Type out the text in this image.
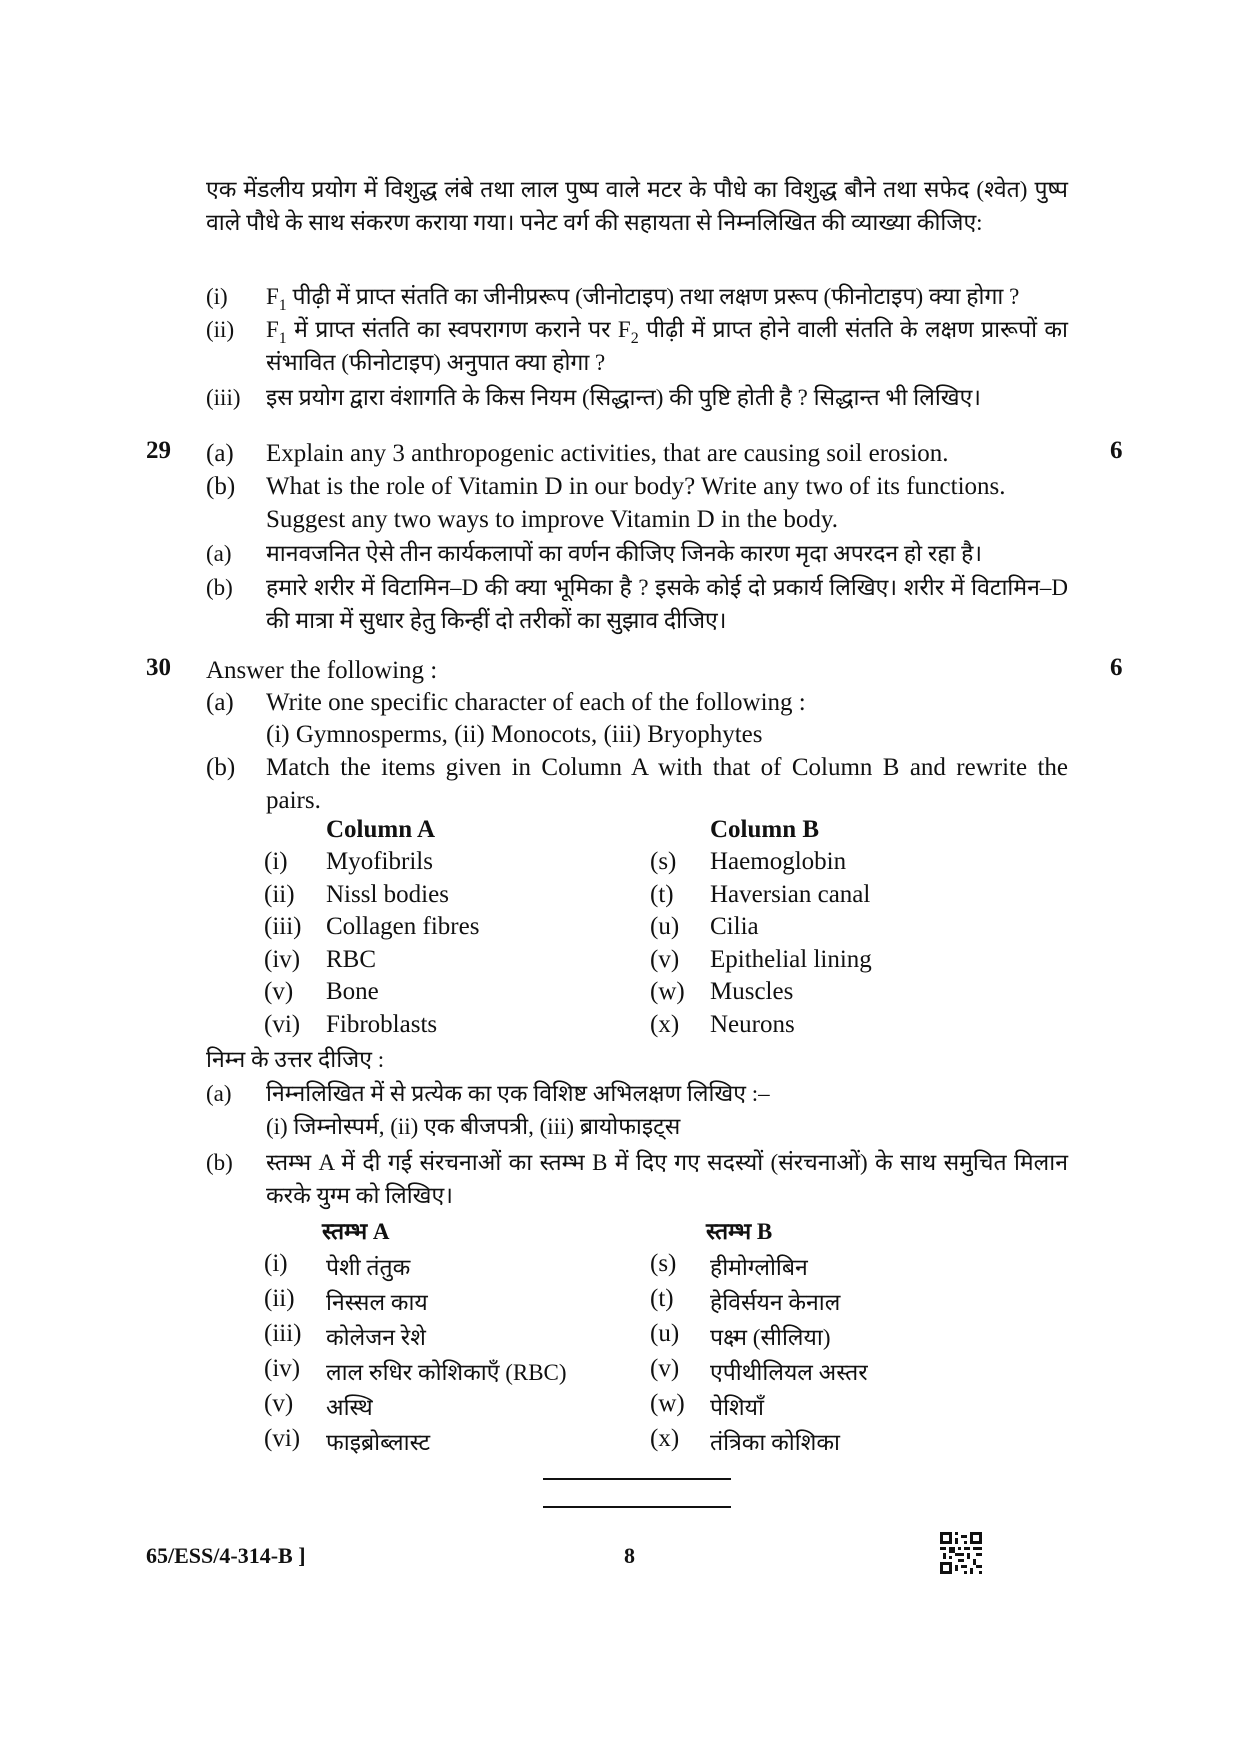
एक मेंडलीय प्रयोग में विशुद्ध लंबे तथा लाल पुष्प वाले मटर के पौधे का विशुद्ध बौने तथा सफेद (श्वेत) पुष्प वाले पौधे के साथ संकरण कराया गया। पनेट वर्ग की सहायता से निम्नलिखित की व्याख्या कीजिए:
(i) $F_1$ पीढ़ी में प्राप्त संतति का जीनीप्ररूप (जीनोटाइप) तथा लक्षण प्ररूप (फीनोटाइप) क्या होगा ?
(ii) $F_1$ में प्राप्त संतति का स्वपरागण कराने पर $F_2$ पीढ़ी में प्राप्त होने वाली संतति के लक्षण प्रारूपों का संभावित (फीनोटाइप) अनुपात क्या होगा ?
(iii) इस प्रयोग द्वारा वंशागति के किस नियम (सिद्धान्त) की पुष्टि होती है ? सिद्धान्त भी लिखिए।
29	6
(a) Explain any 3 anthropogenic activities, that are causing soil erosion.
(b) What is the role of Vitamin D in our body? Write any two of its functions. Suggest any two ways to improve Vitamin D in the body.
(a) मानवजनित ऐसे तीन कार्यकलापों का वर्णन कीजिए जिनके कारण मृदा अपरदन हो रहा है।
(b) हमारे शरीर में विटामिन–D की क्या भूमिका है ? इसके कोई दो प्रकार्य लिखिए। शरीर में विटामिन–D की मात्रा में सुधार हेतु किन्हीं दो तरीकों का सुझाव दीजिए।
30	6
Answer the following :
(a) Write one specific character of each of the following :
(i) Gymnosperms, (ii) Monocots, (iii) Bryophytes
(b) Match the items given in Column A with that of Column B and rewrite the pairs.
Column A	Column B
(i) Myofibrils	(s) Haemoglobin
(ii) Nissl bodies	(t) Haversian canal
(iii) Collagen fibres	(u) Cilia
(iv) RBC	(v) Epithelial lining
(v) Bone	(w) Muscles
(vi) Fibroblasts	(x) Neurons
निम्न के उत्तर दीजिए :
(a) निम्नलिखित में से प्रत्येक का एक विशिष्ट अभिलक्षण लिखिए :–
(i) जिम्नोस्पर्म, (ii) एक बीजपत्री, (iii) ब्रायोफाइट्स
(b) स्तम्भ A में दी गई संरचनाओं का स्तम्भ B में दिए गए सदस्यों (संरचनाओं) के साथ समुचित मिलान करके युग्म को लिखिए।
स्तम्भ A	स्तम्भ B
(i) पेशी तंतुक	(s) हीमोग्लोबिन
(ii) निस्सल काय	(t) हेविर्सयन केनाल
(iii) कोलेजन रेशे	(u) पक्ष्म (सीलिया)
(iv) लाल रुधिर कोशिकाएँ (RBC)	(v) एपीथीलियल अस्तर
(v) अस्थि	(w) पेशियाँ
(vi) फाइब्रोब्लास्ट	(x) तंत्रिका कोशिका
65/ESS/4-314-B ]	8
